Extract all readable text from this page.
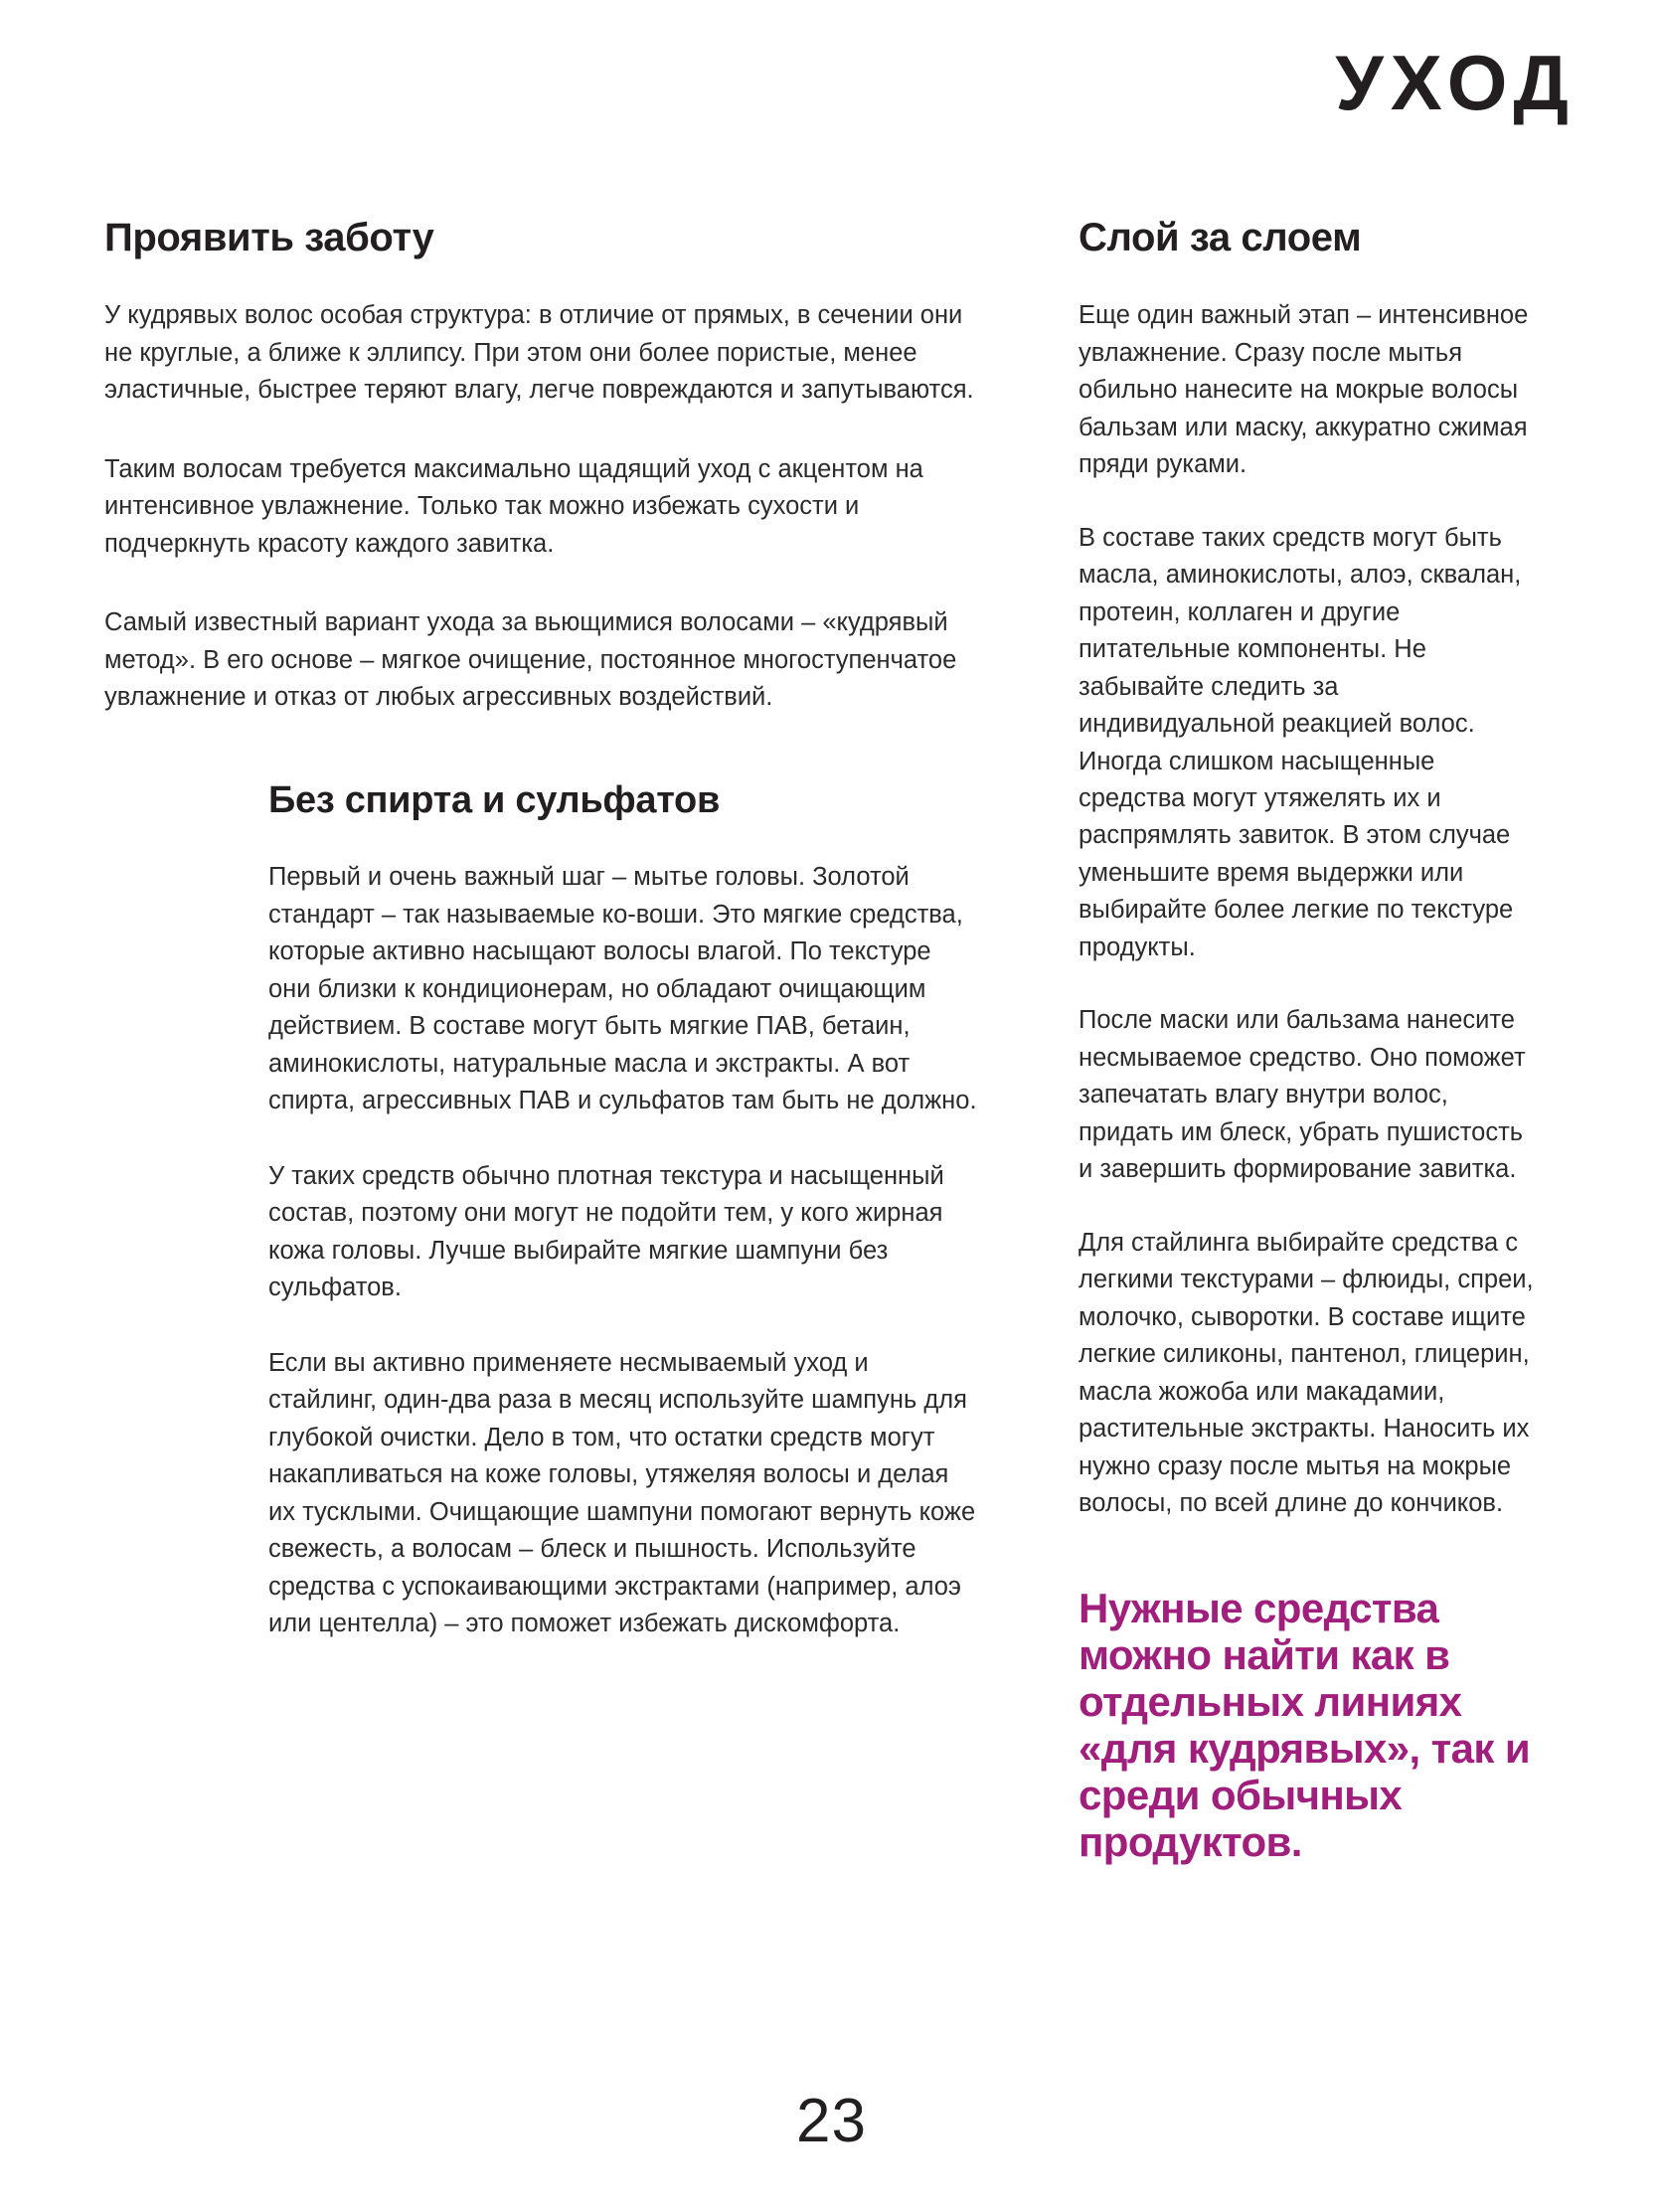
УХОД
Проявить заботу

У кудрявых волос особая структура: в отличие от прямых, в сечении они не круглые, а ближе к эллипсу. При этом они более пористые, менее эластичные, быстрее теряют влагу, легче повреждаются и запутываются.

Таким волосам требуется максимально щадящий уход с акцентом на интенсивное увлажнение. Только так можно избежать сухости и подчеркнуть красоту каждого завитка.

Самый известный вариант ухода за вьющимися волосами – «кудрявый метод». В его основе – мягкое очищение, постоянное многоступенчатое увлажнение и отказ от любых агрессивных воздействий.

Без спирта и сульфатов

Первый и очень важный шаг – мытье головы. Золотой стандарт – так называемые ко-воши. Это мягкие средства, которые активно насыщают волосы влагой. По текстуре они близки к кондиционерам, но обладают очищающим действием. В составе могут быть мягкие ПАВ, бетаин, аминокислоты, натуральные масла и экстракты. А вот спирта, агрессивных ПАВ и сульфатов там быть не должно.

У таких средств обычно плотная текстура и насыщенный состав, поэтому они могут не подойти тем, у кого жирная кожа головы. Лучше выбирайте мягкие шампуни без сульфатов.

Если вы активно применяете несмываемый уход и стайлинг, один-два раза в месяц используйте шампунь для глубокой очистки. Дело в том, что остатки средств могут накапливаться на коже головы, утяжеляя волосы и делая их тусклыми. Очищающие шампуни помогают вернуть коже свежесть, а волосам – блеск и пышность. Используйте средства с успокаивающими экстрактами (например, алоэ или центелла) – это поможет избежать дискомфорта.

Слой за слоем

Еще один важный этап – интенсивное увлажнение. Сразу после мытья обильно нанесите на мокрые волосы бальзам или маску, аккуратно сжимая пряди руками.

В составе таких средств могут быть масла, аминокислоты, алоэ, сквалан, протеин, коллаген и другие питательные компоненты. Не забывайте следить за индивидуальной реакцией волос. Иногда слишком насыщенные средства могут утяжелять их и распрямлять завиток. В этом случае уменьшите время выдержки или выбирайте более легкие по текстуре продукты.

После маски или бальзама нанесите несмываемое средство. Оно поможет запечатать влагу внутри волос, придать им блеск, убрать пушистость и завершить формирование завитка.

Для стайлинга выбирайте средства с легкими текстурами – флюиды, спреи, молочко, сыворотки. В составе ищите легкие силиконы, пантенол, глицерин, масла жожоба или макадамии, растительные экстракты. Наносить их нужно сразу после мытья на мокрые волосы, по всей длине до кончиков.

Нужные средства можно найти как в отдельных линиях «для кудрявых», так и среди обычных продуктов.
23
